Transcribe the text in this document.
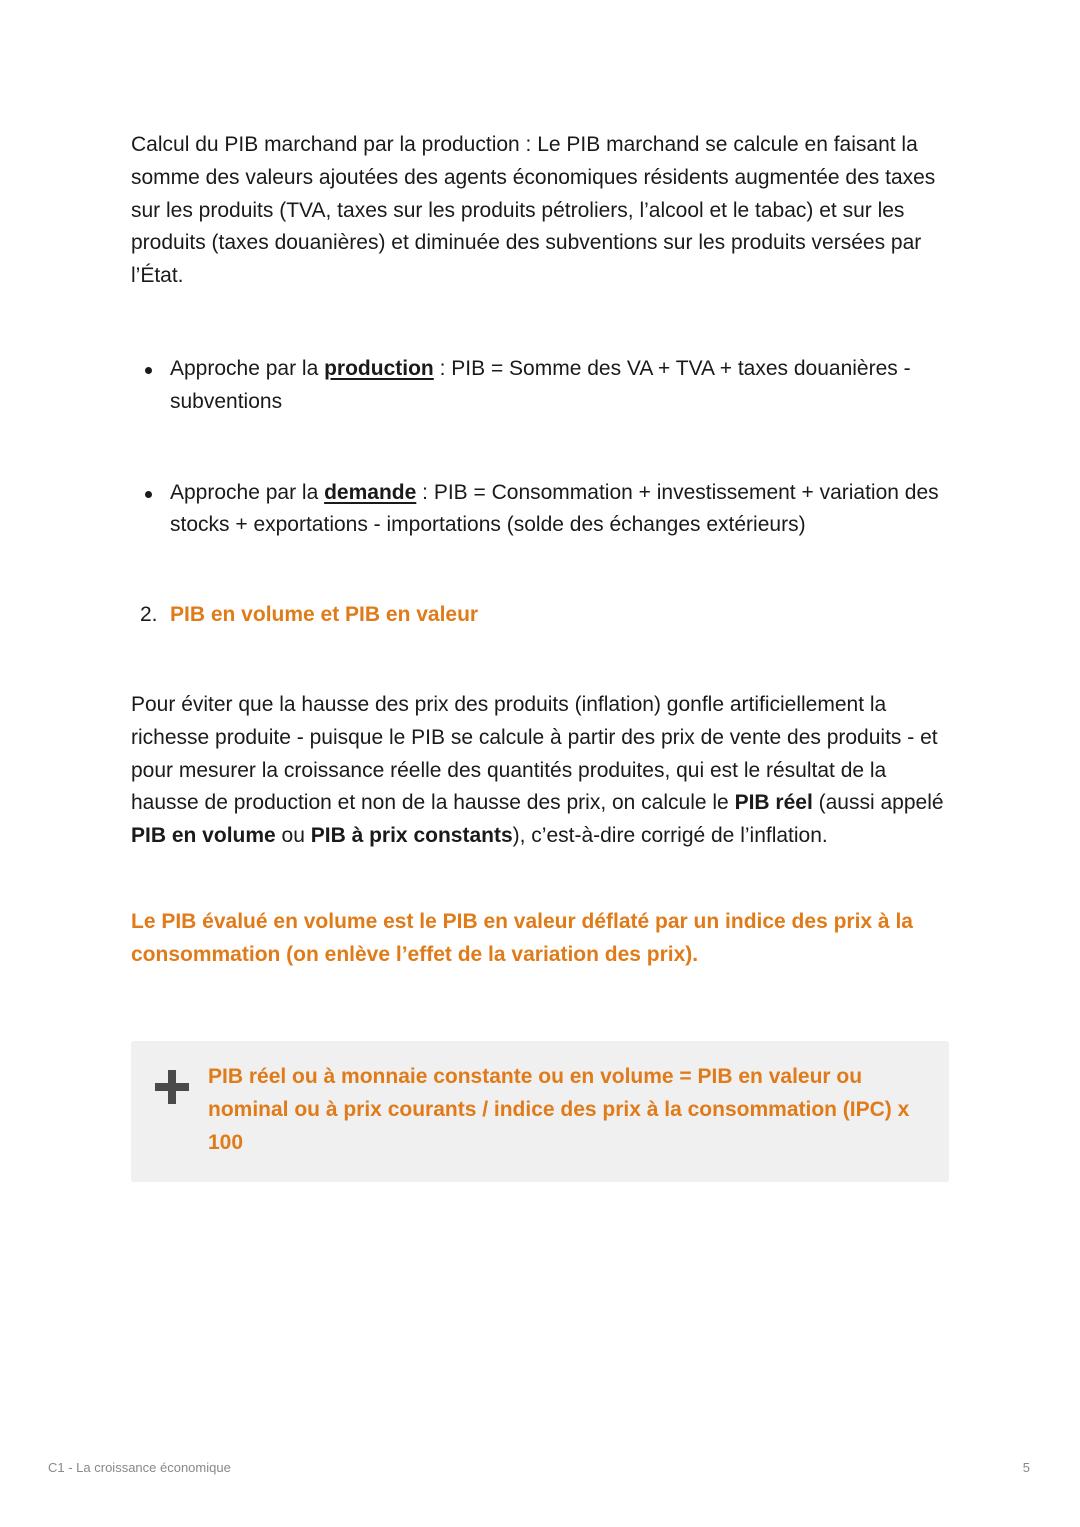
Calcul du PIB marchand par la production : Le PIB marchand se calcule en faisant la somme des valeurs ajoutées des agents économiques résidents augmentée des taxes sur les produits (TVA, taxes sur les produits pétroliers, l’alcool et le tabac) et sur les produits (taxes douanières) et diminuée des subventions sur les produits versées par l’État.

Approche par la production : PIB = Somme des VA + TVA + taxes douanières - subventions
Approche par la demande : PIB = Consommation + investissement + variation des stocks + exportations - importations (solde des échanges extérieurs)
2. PIB en volume et PIB en valeur

Pour éviter que la hausse des prix des produits (inflation) gonfle artificiellement la richesse produite - puisque le PIB se calcule à partir des prix de vente des produits - et pour mesurer la croissance réelle des quantités produites, qui est le résultat de la hausse de production et non de la hausse des prix, on calcule le PIB réel (aussi appelé PIB en volume ou PIB à prix constants), c’est-à-dire corrigé de l’inflation.

Le PIB évalué en volume est le PIB en valeur déflaté par un indice des prix à la consommation (on enlève l’effet de la variation des prix).

PIB réel ou à monnaie constante ou en volume = PIB en valeur ou nominal ou à prix courants / indice des prix à la consommation (IPC) x 100
C1 - La croissance économique	5
